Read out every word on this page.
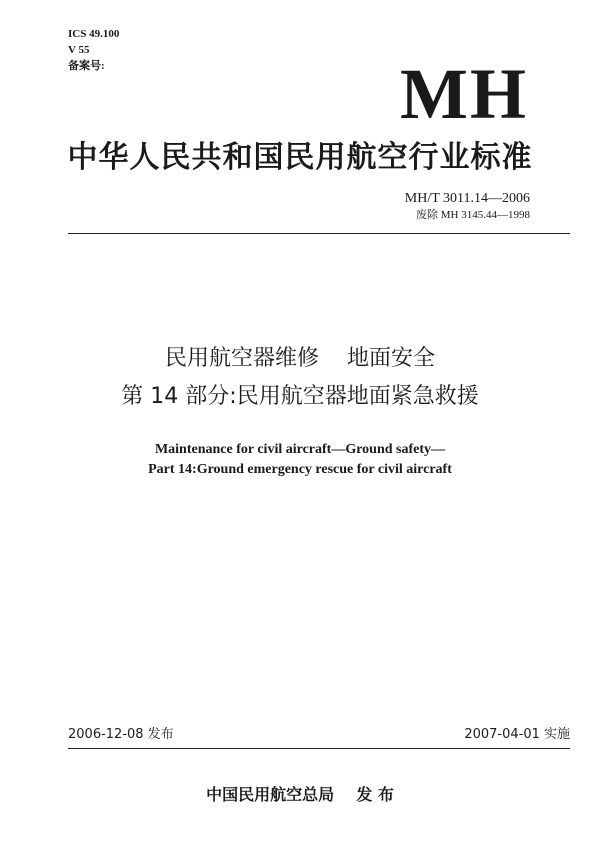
ICS 49.100
V 55
备案号:	MH
中华人民共和国民用航空行业标准
MH/T 3011.14—2006
废除 MH 3145.44—1998
民用航空器维修    地面安全
第 14 部分:民用航空器地面紧急救援
Maintenance for civil aircraft—Ground safety—
Part 14:Ground emergency rescue for civil aircraft
2006-12-08 发布	2007-04-01 实施
中国民用航空总局    发 布
